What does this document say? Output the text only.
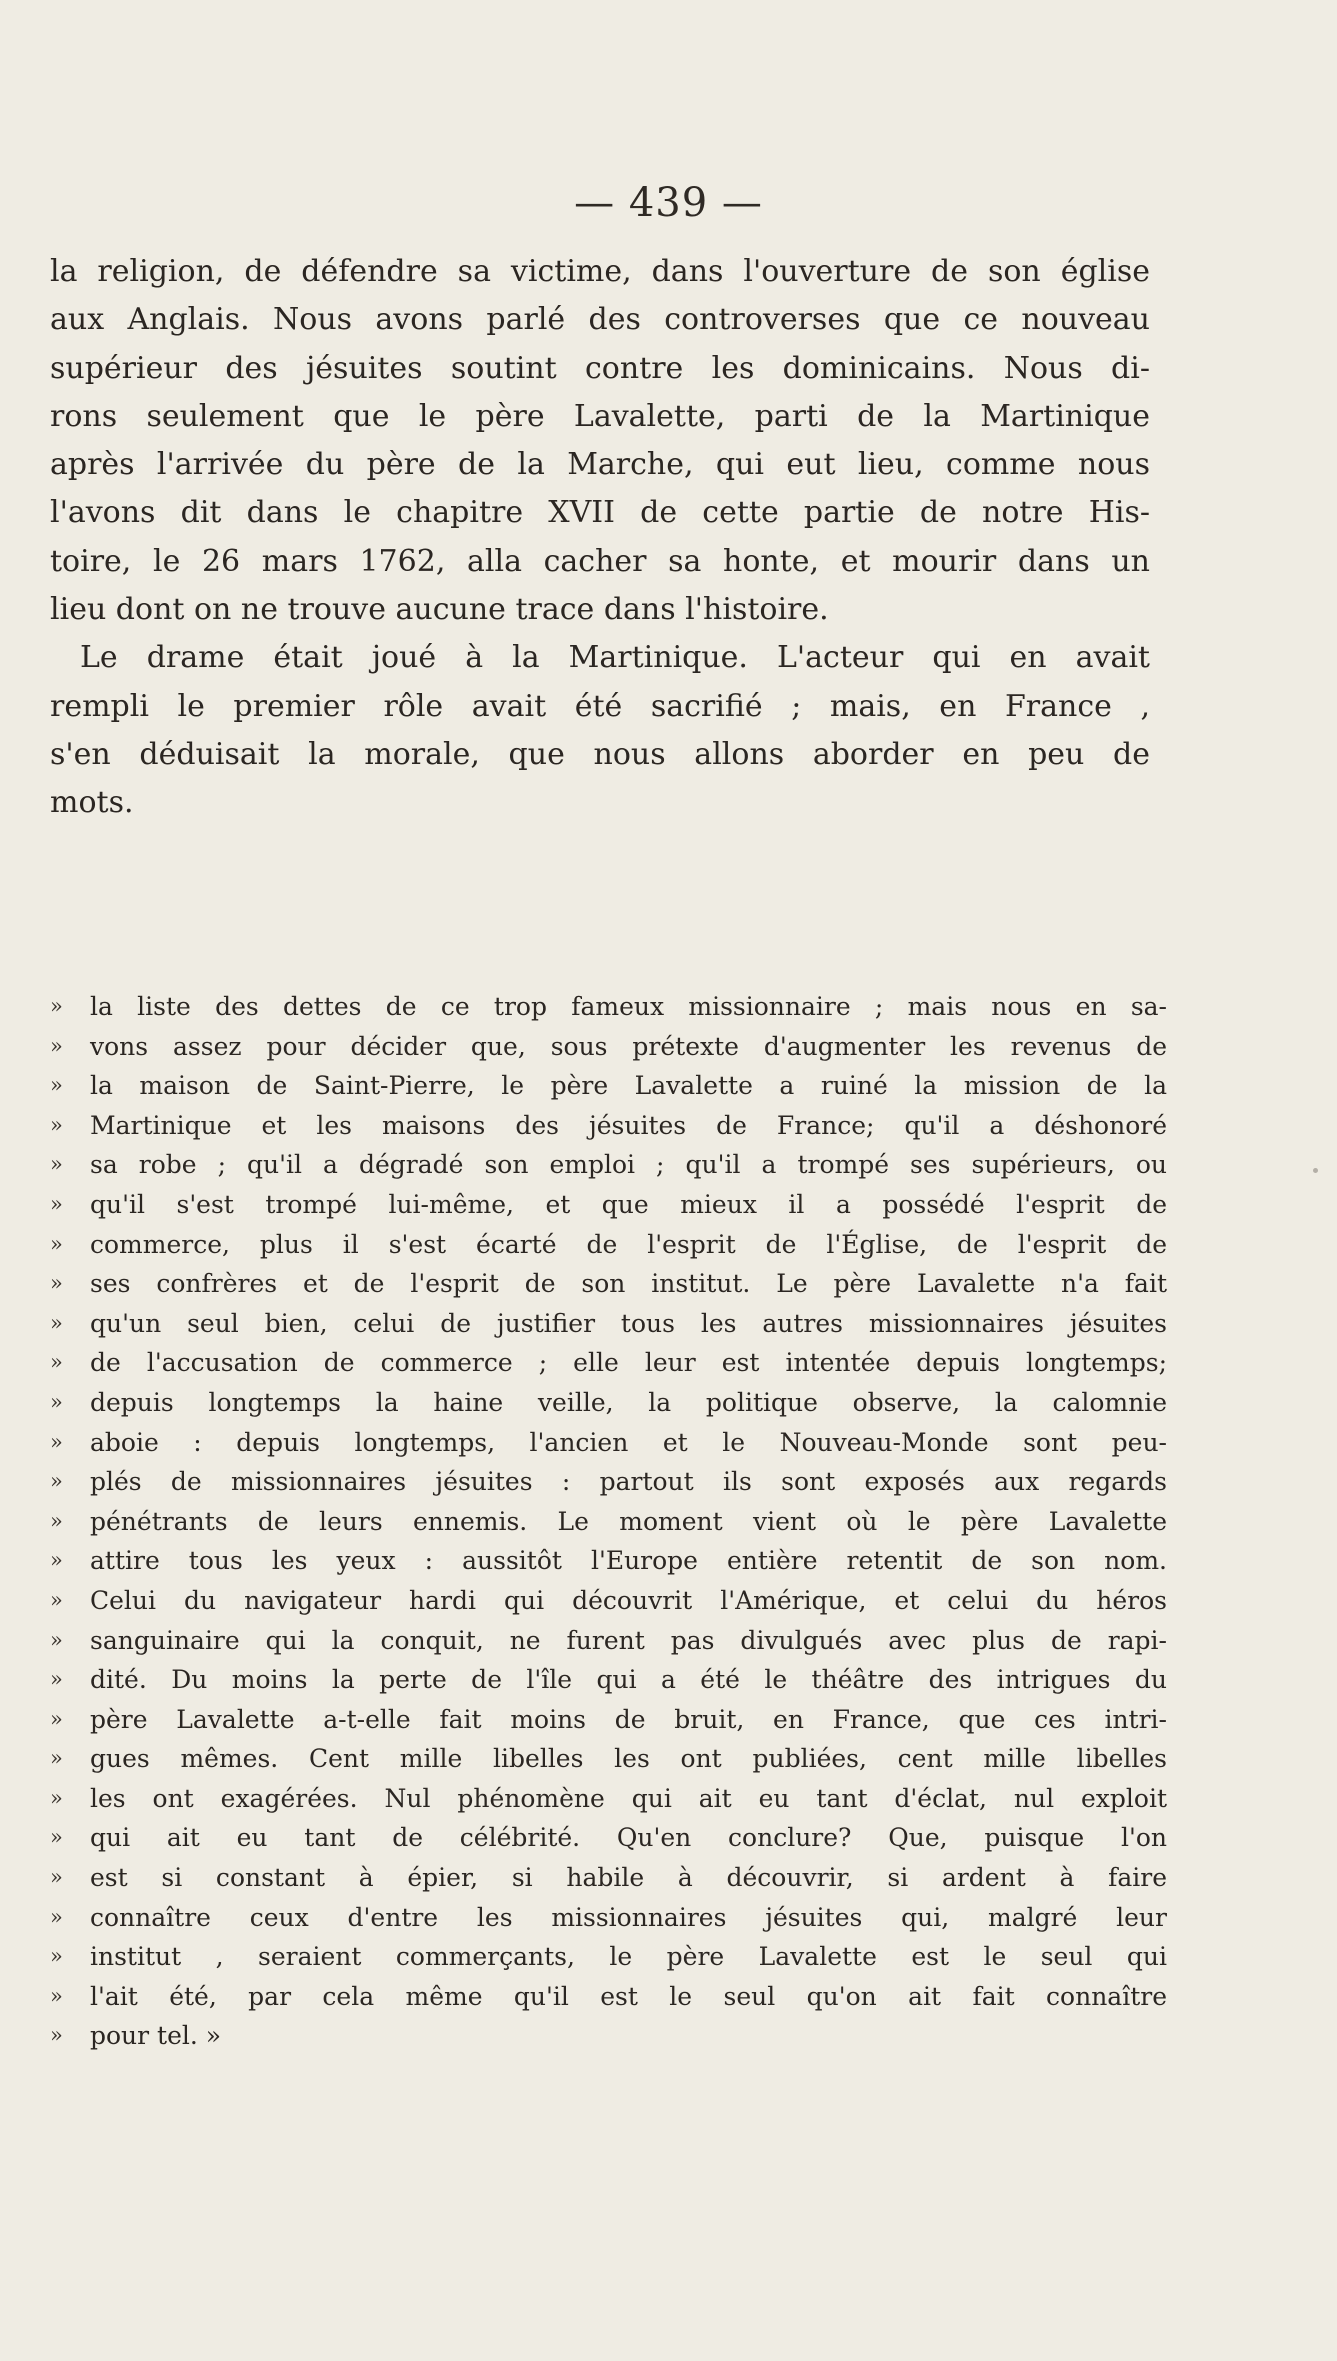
— 439 —
la religion, de défendre sa victime, dans l'ouverture de son église
aux Anglais. Nous avons parlé des controverses que ce nouveau
supérieur des jésuites soutint contre les dominicains. Nous di-
rons seulement que le père Lavalette, parti de la Martinique
après l'arrivée du père de la Marche, qui eut lieu, comme nous
l'avons dit dans le chapitre XVII de cette partie de notre His-
toire, le 26 mars 1762, alla cacher sa honte, et mourir dans un
lieu dont on ne trouve aucune trace dans l'histoire.
Le drame était joué à la Martinique. L'acteur qui en avait
rempli le premier rôle avait été sacrifié ; mais, en France ,
s'en déduisait la morale, que nous allons aborder en peu de
mots.
»	la liste des dettes de ce trop fameux missionnaire ; mais nous en sa-
»	vons assez pour décider que, sous prétexte d'augmenter les revenus de
»	la maison de Saint-Pierre, le père Lavalette a ruiné la mission de la
»	Martinique et les maisons des jésuites de France; qu'il a déshonoré
»	sa robe ; qu'il a dégradé son emploi ; qu'il a trompé ses supérieurs, ou
»	qu'il s'est trompé lui-même, et que mieux il a possédé l'esprit de
»	commerce, plus il s'est écarté de l'esprit de l'Église, de l'esprit de
»	ses confrères et de l'esprit de son institut. Le père Lavalette n'a fait
»	qu'un seul bien, celui de justifier tous les autres missionnaires jésuites
»	de l'accusation de commerce ; elle leur est intentée depuis longtemps;
»	depuis longtemps la haine veille, la politique observe, la calomnie
»	aboie : depuis longtemps, l'ancien et le Nouveau-Monde sont peu-
»	plés de missionnaires jésuites : partout ils sont exposés aux regards
»	pénétrants de leurs ennemis. Le moment vient où le père Lavalette
»	attire tous les yeux : aussitôt l'Europe entière retentit de son nom.
»	Celui du navigateur hardi qui découvrit l'Amérique, et celui du héros
»	sanguinaire qui la conquit, ne furent pas divulgués avec plus de rapi-
»	dité. Du moins la perte de l'île qui a été le théâtre des intrigues du
»	père Lavalette a-t-elle fait moins de bruit, en France, que ces intri-
»	gues mêmes. Cent mille libelles les ont publiées, cent mille libelles
»	les ont exagérées. Nul phénomène qui ait eu tant d'éclat, nul exploit
»	qui ait eu tant de célébrité. Qu'en conclure? Que, puisque l'on
»	est si constant à épier, si habile à découvrir, si ardent à faire
»	connaître ceux d'entre les missionnaires jésuites qui, malgré leur
»	institut , seraient commerçants, le père Lavalette est le seul qui
»	l'ait été, par cela même qu'il est le seul qu'on ait fait connaître
»	pour tel. »
